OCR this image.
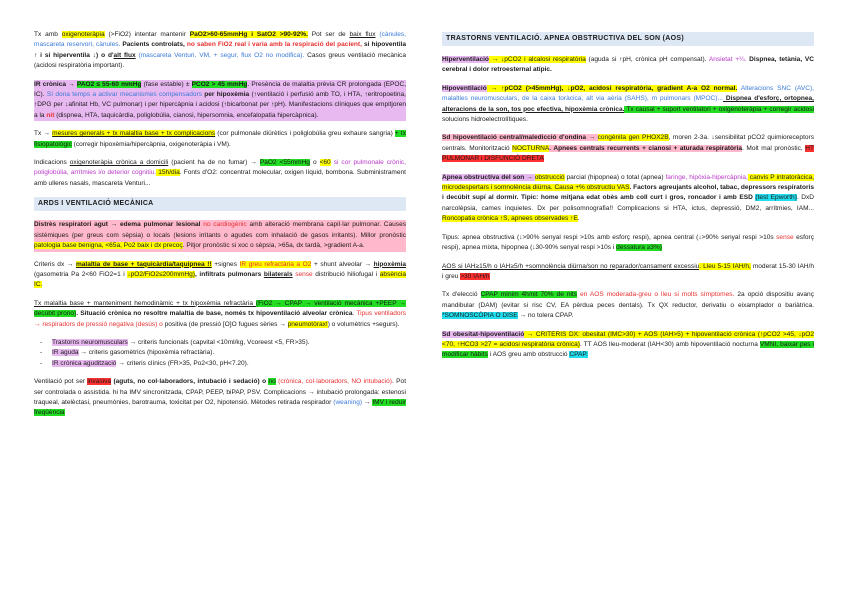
Tx amb oxigenoteràpia (>FiO2) intentar mantenir PaO2>60-65mmHg i SatO2 >90-92%. Pot ser de baix flux (cànules, mascareta reservori, cànules. Pacients controlats, no saben FiO2 real i varia amb la respiració del pacient, si hipoventila ↑ i si hiperventila ↓) o d'alt flux (mascareta Venturi, VM, + segur, flux O2 no modifica). Casos greus ventilació mecànica (acidosi respiratòria important).

IR crònica → PAO2 ≤ 55-60 mmHg (fase estable) ± PCO2 > 45 mmHg. Presència de malaltia prèvia CR prolongada (EPOC, IC). Sí dona temps a activar mecanismes compensadors per hipoxèmia (↑ventilació i perfusió amb TO, i HTA, ↑eritropoetina, ↑DPG per ↓afinitat Hb, VC pulmonar) i per hipercàpnia i acidosi (↑bicarbonat per ↑pH). Manifestacions clíniques que empitjoren a la nit (dispnea, HTA, taquicàrdia, poliglobúlia, cianosi, hipersomnia, encefalopatia hipercàpnica).

Tx → mesures generals + tx malaltia base + tx complicacions (cor pulmonale diürètics i poliglobúlia greu exhaure sangria) + tx fisiopatològic (corregir hipoxèmia/hipercàpnia, oxigenoteràpia i VM).

Indicacions oxigenoteràpia crònica a domicili (pacient ha de no fumar) → PaO2 <55mmHg o <60 si cor pulmonale crònic, poliglobúlia, arrítmies i/o deterior cognitiu. 15h/dia. Fonts d'O2: concentrat molecular, oxigen líquid, bombona. Subministrament amb ulleres nasals, mascareta Venturi...

ARDS I VENTILACIÓ MECÀNICA

Distrès respiratori agut → edema pulmonar lesional no cardiogènic amb alteració membrana capil·lar pulmonar. Causes sistèmiques (per greus com sèpsia) o locals (lesions irritants o agudes com inhalació de gasos irritants). Millor pronòstic patologia base benigna, <65a, Po2 baix i dx precoç. Pitjor pronòstic si xoc o sèpsia, >65a, dx tardà, >gradient A-a.

Criteris dx → malaltia de base + taquicàrdia/taquipnea !! +signes IR greu refractària a O2 + shunt alveolar → hipoxèmia (gasometria Pa 2<60 FiO2=1 i ↓pO2/FiO2≤200mmHg), infiltrats pulmonars bilaterals sense distribució hiliofugal i absència IC.

Tx malaltia base + manteniment hemodinàmic + tx hipoxèmia refractària (FiO2 → CPAP → ventilació mecànica +PEEP → decúbit prono). Situació crònica no resoltre malaltia de base, només tx hipoventilació alveolar crònica. Tipus ventiladors → respiradors de pressió negativa (desús) o positiva (de pressió [O]O fugues sèries → pneumotòrax!) o volumètrics +segurs).

- Trastorns neuromusculars → criteris funcionals (capvital <10ml/kg, Vcoreest <5, FR>35).
- IR aguda → criteris gasomètrics (hipoxèmia refractària).
- IR crònica agudització → criteris clínics (FR>35, Po2<30, pH<7.20).

Ventilació pot ser invasiva (aguts, no col·laboradors, intubació i sedació) o no (crònica, col·laboradors, NO intubació). Pot ser controlada o assistida. hi ha IMV sincronitzada, CPAP, PEEP, biPAP, PSV. Complicacions → intubació prolongada: estenosi traqueal, atelèctasi, pneumònies, barotrauma, toxicitat per O2, hipotensió. Mètodes retirada respirador (weaning) → IMV i reduir freqüència

TRASTORNS VENTILACIÓ. APNEA OBSTRUCTIVA DEL SON (AOS)

Hiperventilació → ↓pCO2 i alcalosi respiratòria (aguda si ↑pH, crònica pH compensat). Ansietat +¼. Dispnea, tetània, VC cerebral i dolor retroesternal atípic.

Hipoventilació → ↑pCO2 (>45mmHg), ↓pO2, acidosi respiratòria, gradient A-a O2 normal. Alteracions SNC (AVC), malalties neuromusculars, de la caixa toràcica, alt via aèria (SAHS), m pulmonars (MPOC)... Dispnea d'esforç, ortopnea, alteracions de la son, tos poc efectiva, hipoxèmia crònica. Tx causal + suport ventilatori + oxigenoteràpia + corregir acidosi solucions hidroelectrolítiques.

Sd hipoventilació central/maledicció d'ondina → congènita gen PHOX2B, moren 2-3a. ↓sensibilitat pCO2 quimioreceptors centrals. Monitorització NOCTURNA. Apnees centrals recurrents + cianosi + aturada respiratòria. Molt mal pronòstic, HT PULMONAR i DISFUNCIÓ DRETA

Apnea obstructiva del son → obstrucció parcial (hipopnea) o total (apnea) faringe, hipòxia-hipercàpnia, canvis P intratoràcica, microdespertars i somnolència diürna. Causa +% obstructiu VAS. Factors agreujants alcohol, tabac, depressors respiratoris i decúbit supí al dormir. Tipic: home mitjana edat obès amb coll curt i gros, roncador i amb ESD (test Epworth). DxD narcolèpsia, cames inquietes. Dx per polisomnografia!! Complicacions si HTA, ictus, depressió, DM2, arrítmies, IAM... Roncopatia crònica ↑S, apnees observades ↑E.

Tipus: apnea obstructiva (↓>90% senyal respi >10s amb esforç respi), apnea central (↓>90% senyal respi >10s sense esforç respi), apnea mixta, hipopnea (↓30-90% senyal respi >10s i dessatura ≥3%)

AOS si IAH≥15/h o IAH≥5/h +somnolència diürna/son no reparador/cansament excessiu. Lleu 5-15 IAH/h, moderat 15-30 IAH/h i greu >30 IAH/h

Tx d'elecció CPAP mínim 4h/nit 70% de nits en AOS moderada-greu o lleu si molts símptomes. 2a opció dispositiu avanç mandibular (DAM) (evitar si risc CV, EA pèrdua peces dentals). Tx QX reductor, derivatiu o eixamplador o bariàtrica. *SOMNOSCÒPIA O DISE → no tolera CPAP.

Sd obesitat-hipoventilació → CRITERIS DX: obesitat (IMC>30) + AOS (IAH>5) + hipoventilació crònica (↑pCO2 >45, ↓pO2 <70, ↑HCO3 >27 = acidosi respiratòria crònica). TT AOS lleu-moderat (IAH<30) amb hipoventilació nocturna VMNI, baixar pes i modificar hàbits i AOS greu amb obstrucció CPAP.
